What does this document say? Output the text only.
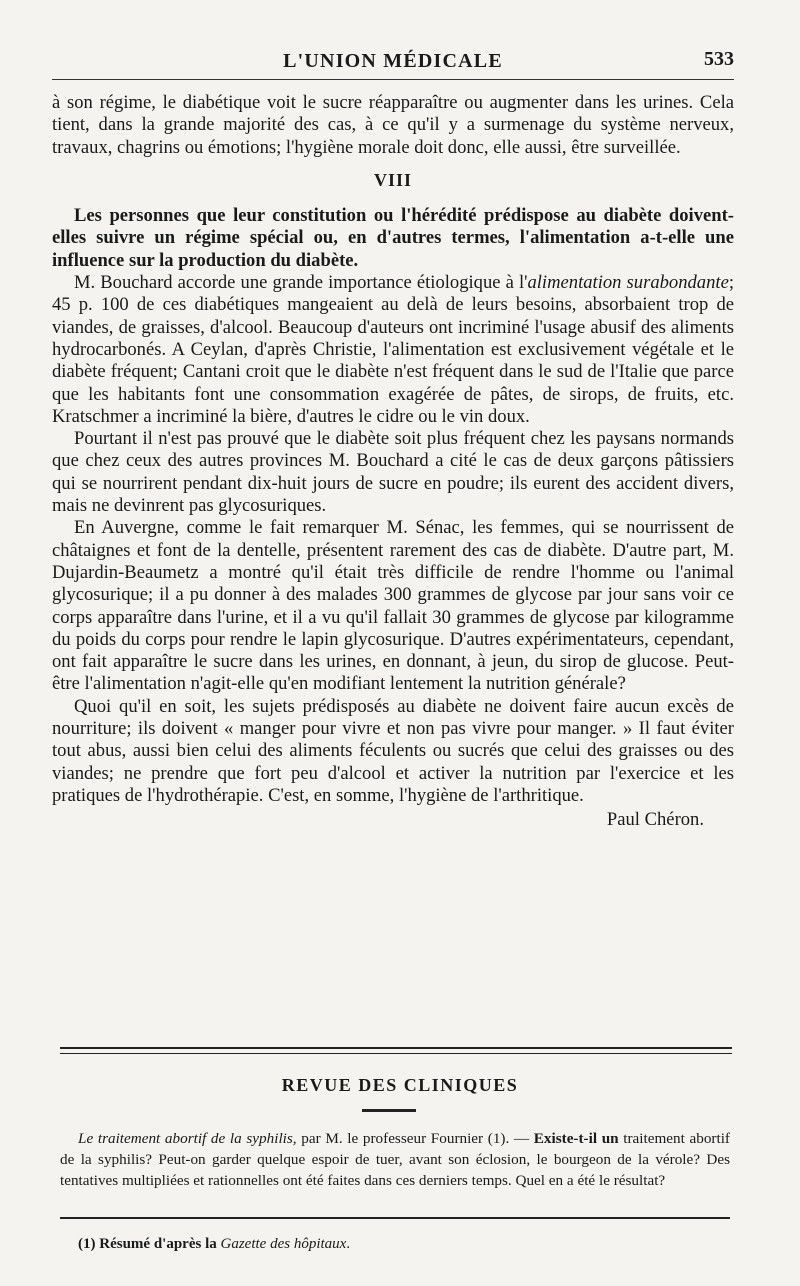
L'UNION MÉDICALE	533

à son régime, le diabétique voit le sucre réapparaître ou augmenter dans les urines. Cela tient, dans la grande majorité des cas, à ce qu'il y a surmenage du système nerveux, travaux, chagrins ou émotions; l'hygiène morale doit donc, elle aussi, être surveillée.

VIII

Les personnes que leur constitution ou l'hérédité prédispose au diabète doivent-elles suivre un régime spécial ou, en d'autres termes, l'alimentation a-t-elle une influence sur la production du diabète.

M. Bouchard accorde une grande importance étiologique à l'alimentation surabondante; 45 p. 100 de ces diabétiques mangeaient au delà de leurs besoins, absorbaient trop de viandes, de graisses, d'alcool. Beaucoup d'auteurs ont incriminé l'usage abusif des aliments hydrocarbonés. A Ceylan, d'après Christie, l'alimentation est exclusivement végétale et le diabète fréquent; Cantani croit que le diabète n'est fréquent dans le sud de l'Italie que parce que les habitants font une consommation exagérée de pâtes, de sirops, de fruits, etc. Kratschmer a incriminé la bière, d'autres le cidre ou le vin doux.

Pourtant il n'est pas prouvé que le diabète soit plus fréquent chez les paysans normands que chez ceux des autres provinces M. Bouchard a cité le cas de deux garçons pâtissiers qui se nourrirent pendant dix-huit jours de sucre en poudre; ils eurent des accident divers, mais ne devinrent pas glycosuriques.

En Auvergne, comme le fait remarquer M. Sénac, les femmes, qui se nourrissent de châtaignes et font de la dentelle, présentent rarement des cas de diabète. D'autre part, M. Dujardin-Beaumetz a montré qu'il était très difficile de rendre l'homme ou l'animal glycosurique; il a pu donner à des malades 300 grammes de glycose par jour sans voir ce corps apparaître dans l'urine, et il a vu qu'il fallait 30 grammes de glycose par kilogramme du poids du corps pour rendre le lapin glycosurique. D'autres expérimentateurs, cependant, ont fait apparaître le sucre dans les urines, en donnant, à jeun, du sirop de glucose. Peut-être l'alimentation n'agit-elle qu'en modifiant lentement la nutrition générale?

Quoi qu'il en soit, les sujets prédisposés au diabète ne doivent faire aucun excès de nourriture; ils doivent « manger pour vivre et non pas vivre pour manger. » Il faut éviter tout abus, aussi bien celui des aliments féculents ou sucrés que celui des graisses ou des viandes; ne prendre que fort peu d'alcool et activer la nutrition par l'exercice et les pratiques de l'hydrothérapie. C'est, en somme, l'hygiène de l'arthritique.

Paul Chéron.
REVUE DES CLINIQUES

Le traitement abortif de la syphilis, par M. le professeur Fournier (1). — Existe-t-il un traitement abortif de la syphilis? Peut-on garder quelque espoir de tuer, avant son éclosion, le bourgeon de la vérole? Des tentatives multipliées et rationnelles ont été faites dans ces derniers temps. Quel en a été le résultat?

(1) Résumé d'après la Gazette des hôpitaux.
